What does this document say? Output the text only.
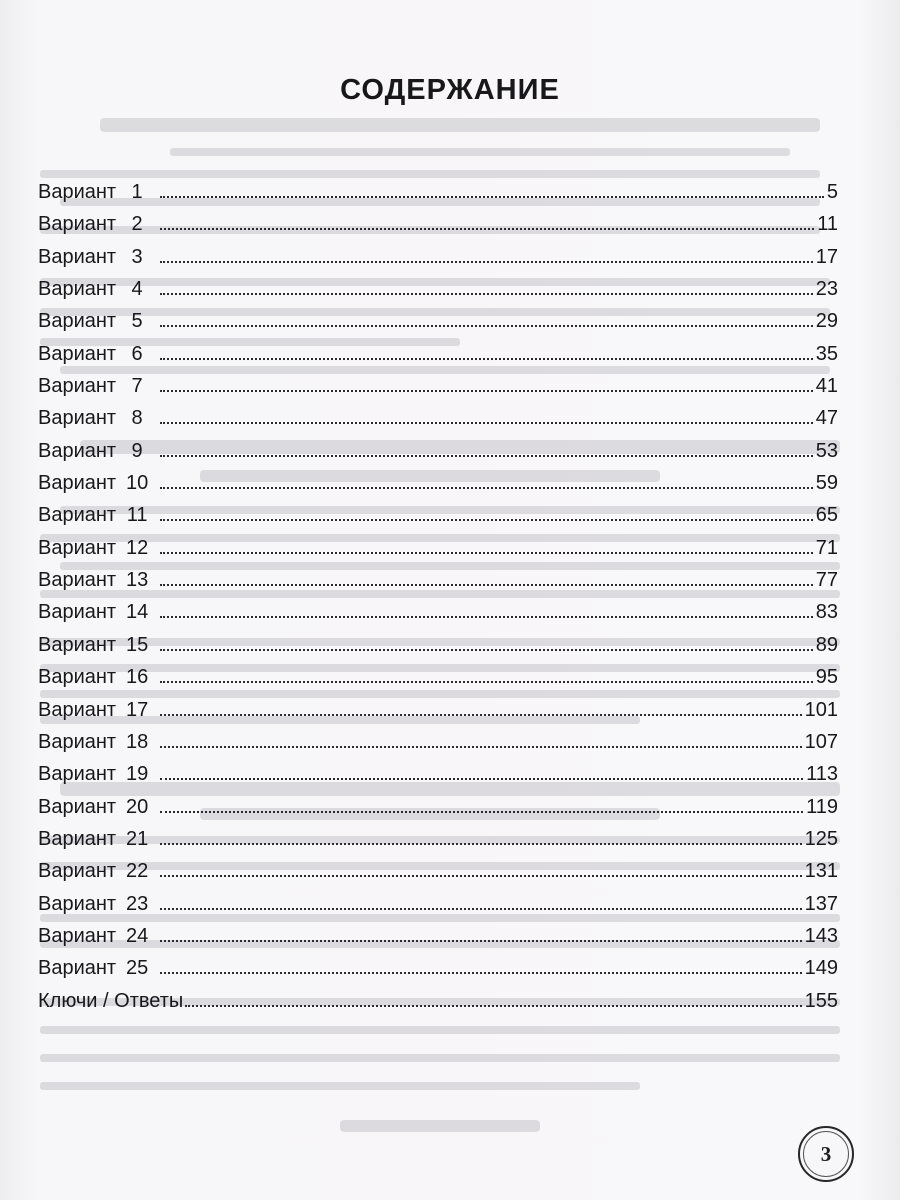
СОДЕРЖАНИЕ
Вариант 1	5
Вариант 2	11
Вариант 3	17
Вариант 4	23
Вариант 5	29
Вариант 6	35
Вариант 7	41
Вариант 8	47
Вариант 9	53
Вариант 10	59
Вариант 11	65
Вариант 12	71
Вариант 13	77
Вариант 14	83
Вариант 15	89
Вариант 16	95
Вариант 17	101
Вариант 18	107
Вариант 19	113
Вариант 20	119
Вариант 21	125
Вариант 22	131
Вариант 23	137
Вариант 24	143
Вариант 25	149
Ключи / Ответы	155
3
